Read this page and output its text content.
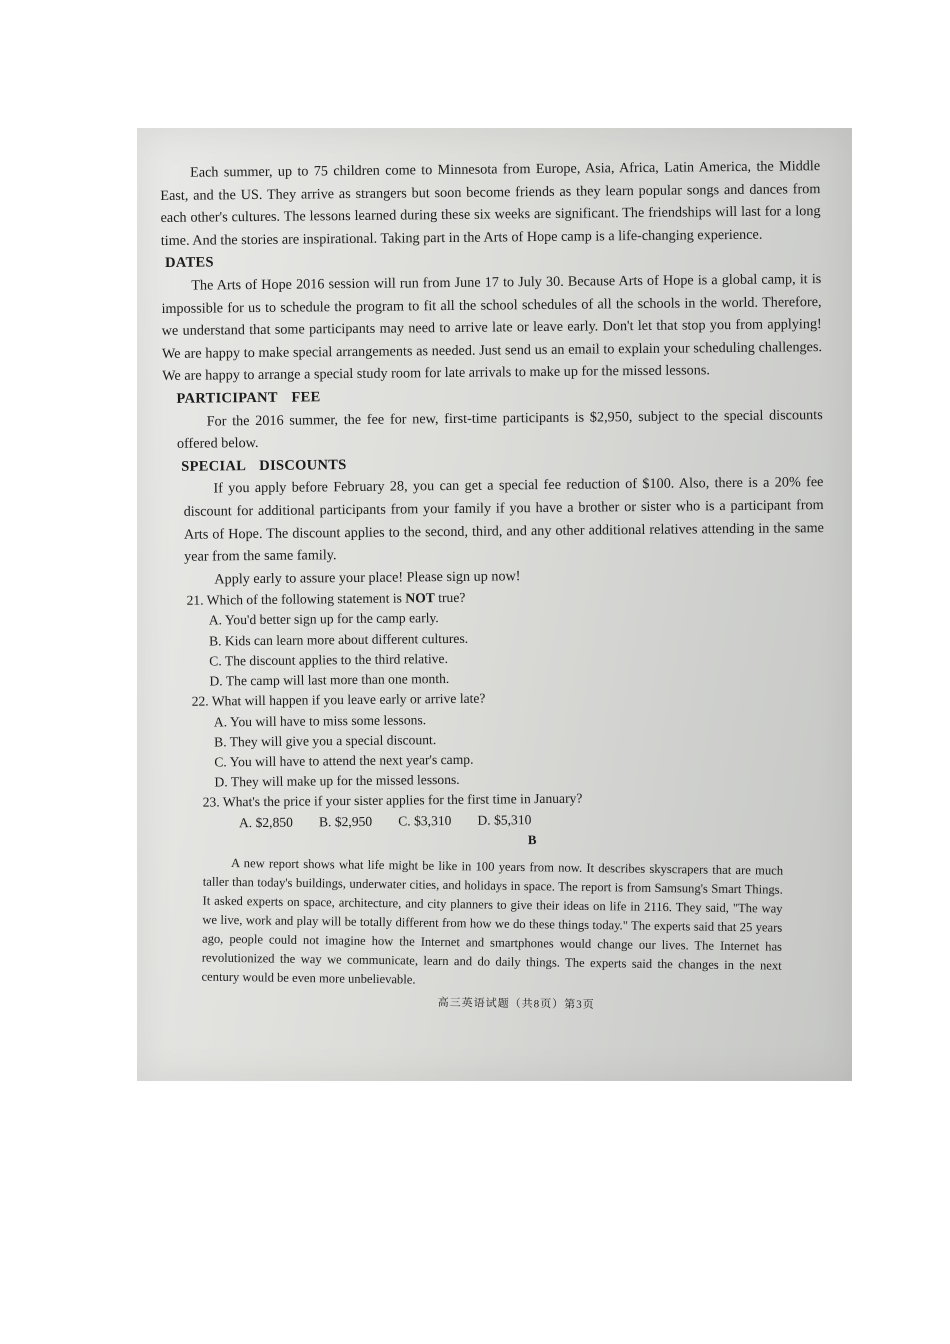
Each summer, up to 75 children come to Minnesota from Europe, Asia, Africa, Latin America, the Middle East, and the US. They arrive as strangers but soon become friends as they learn popular songs and dances from each other's cultures. The lessons learned during these six weeks are significant. The friendships will last for a long time. And the stories are inspirational. Taking part in the Arts of Hope camp is a life-changing experience.

DATES

The Arts of Hope 2016 session will run from June 17 to July 30. Because Arts of Hope is a global camp, it is impossible for us to schedule the program to fit all the school schedules of all the schools in the world. Therefore, we understand that some participants may need to arrive late or leave early. Don't let that stop you from applying! We are happy to make special arrangements as needed. Just send us an email to explain your scheduling challenges. We are happy to arrange a special study room for late arrivals to make up for the missed lessons.

PARTICIPANT FEE

For the 2016 summer, the fee for new, first-time participants is $2,950, subject to the special discounts offered below.

SPECIAL DISCOUNTS

If you apply before February 28, you can get a special fee reduction of $100. Also, there is a 20% fee discount for additional participants from your family if you have a brother or sister who is a participant from Arts of Hope. The discount applies to the second, third, and any other additional relatives attending in the same year from the same family.

Apply early to assure your place! Please sign up now!

21. Which of the following statement is NOT true?

A. You'd better sign up for the camp early.

B. Kids can learn more about different cultures.

C. The discount applies to the third relative.

D. The camp will last more than one month.

22. What will happen if you leave early or arrive late?

A. You will have to miss some lessons.

B. They will give you a special discount.

C. You will have to attend the next year's camp.

D. They will make up for the missed lessons.

23. What's the price if your sister applies for the first time in January?

A. $2,850 B. $2,950 C. $3,310 D. $5,310

B

A new report shows what life might be like in 100 years from now. It describes skyscrapers that are much taller than today's buildings, underwater cities, and holidays in space. The report is from Samsung's Smart Things. It asked experts on space, architecture, and city planners to give their ideas on life in 2116. They said, "The way we live, work and play will be totally different from how we do these things today." The experts said that 25 years ago, people could not imagine how the Internet and smartphones would change our lives. The Internet has revolutionized the way we communicate, learn and do daily things. The experts said the changes in the next century would be even more unbelievable.

高三英语试题（共8页）第3页
